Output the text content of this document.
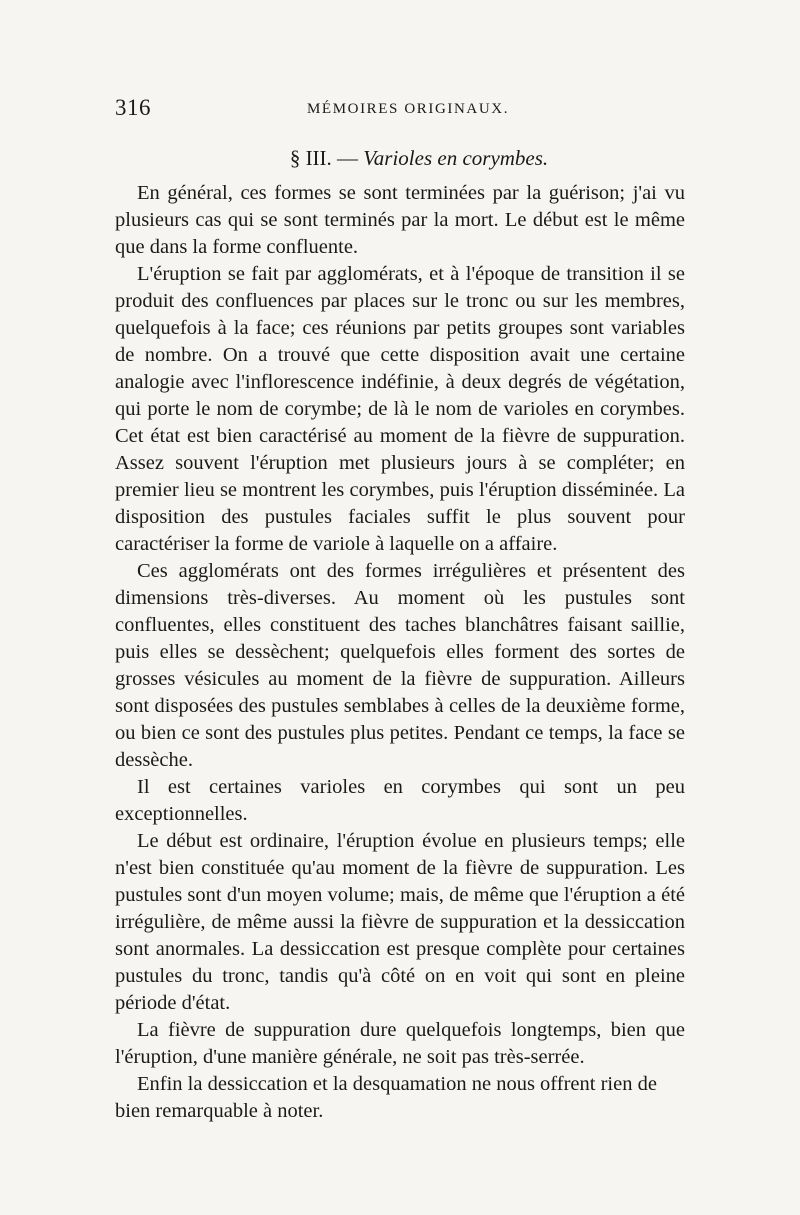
316	MÉMOIRES ORIGINAUX.
§ III. — Varioles en corymbes.

En général, ces formes se sont terminées par la guérison; j'ai vu plusieurs cas qui se sont terminés par la mort. Le début est le même que dans la forme confluente.

L'éruption se fait par agglomérats, et à l'époque de transition il se produit des confluences par places sur le tronc ou sur les membres, quelquefois à la face; ces réunions par petits groupes sont variables de nombre. On a trouvé que cette disposition avait une certaine analogie avec l'inflorescence indéfinie, à deux degrés de végétation, qui porte le nom de corymbe; de là le nom de varioles en corymbes. Cet état est bien caractérisé au moment de la fièvre de suppuration. Assez souvent l'éruption met plusieurs jours à se compléter; en premier lieu se montrent les corymbes, puis l'éruption disséminée. La disposition des pustules faciales suffit le plus souvent pour caractériser la forme de variole à laquelle on a affaire.

Ces agglomérats ont des formes irrégulières et présentent des dimensions très-diverses. Au moment où les pustules sont confluentes, elles constituent des taches blanchâtres faisant saillie, puis elles se dessèchent; quelquefois elles forment des sortes de grosses vésicules au moment de la fièvre de suppuration. Ailleurs sont disposées des pustules semblabes à celles de la deuxième forme, ou bien ce sont des pustules plus petites. Pendant ce temps, la face se dessèche.

Il est certaines varioles en corymbes qui sont un peu exceptionnelles.

Le début est ordinaire, l'éruption évolue en plusieurs temps; elle n'est bien constituée qu'au moment de la fièvre de suppuration. Les pustules sont d'un moyen volume; mais, de même que l'éruption a été irrégulière, de même aussi la fièvre de suppuration et la dessiccation sont anormales. La dessiccation est presque complète pour certaines pustules du tronc, tandis qu'à côté on en voit qui sont en pleine période d'état.

La fièvre de suppuration dure quelquefois longtemps, bien que l'éruption, d'une manière générale, ne soit pas très-serrée.

Enfin la dessiccation et la desquamation ne nous offrent rien de bien remarquable à noter.
